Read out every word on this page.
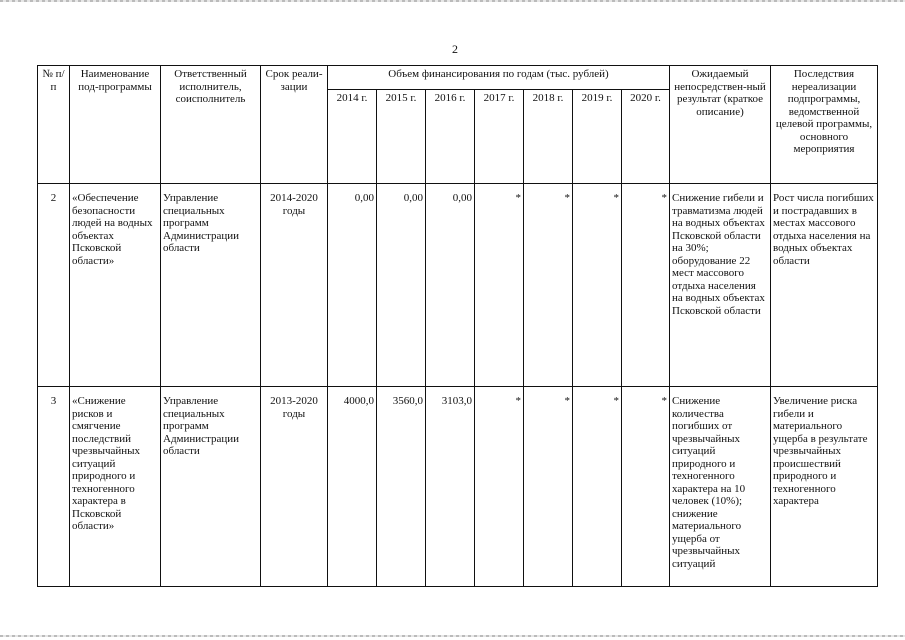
2
№ п/п	Наименование под-программы	Ответственный исполнитель, соисполнитель	Срок реали-зации	Объем финансирования по годам (тыс. рублей)							Ожидаемый непосредствен-ный результат (краткое описание)	Последствия нереализации подпрограммы, ведомственной целевой программы, основного мероприятия
				2014 г.	2015 г.	2016 г.	2017 г.	2018 г.	2019 г.	2020 г.		
2	«Обеспечение безопасности людей на водных объектах Псковской области»	Управление специальных программ Администрации области	2014-2020 годы	0,00	0,00	0,00	*	*	*	*	Снижение гибели и травматизма людей на водных объектах Псковской области на 30%; оборудование 22 мест массового отдыха населения на водных объектах Псковской области	Рост числа погибших и пострадавших в местах массового отдыха населения на водных объектах области
3	«Снижение рисков и смягчение последствий чрезвычайных ситуаций природного и техногенного характера в Псковской области»	Управление специальных программ Администрации области	2013-2020 годы	4000,0	3560,0	3103,0	*	*	*	*	Снижение количества погибших от чрезвычайных ситуаций природного и техногенного характера на 10 человек (10%); снижение материального ущерба от чрезвычайных ситуаций	Увеличение риска гибели и материального ущерба в результате чрезвычайных происшествий природного и техногенного характера
